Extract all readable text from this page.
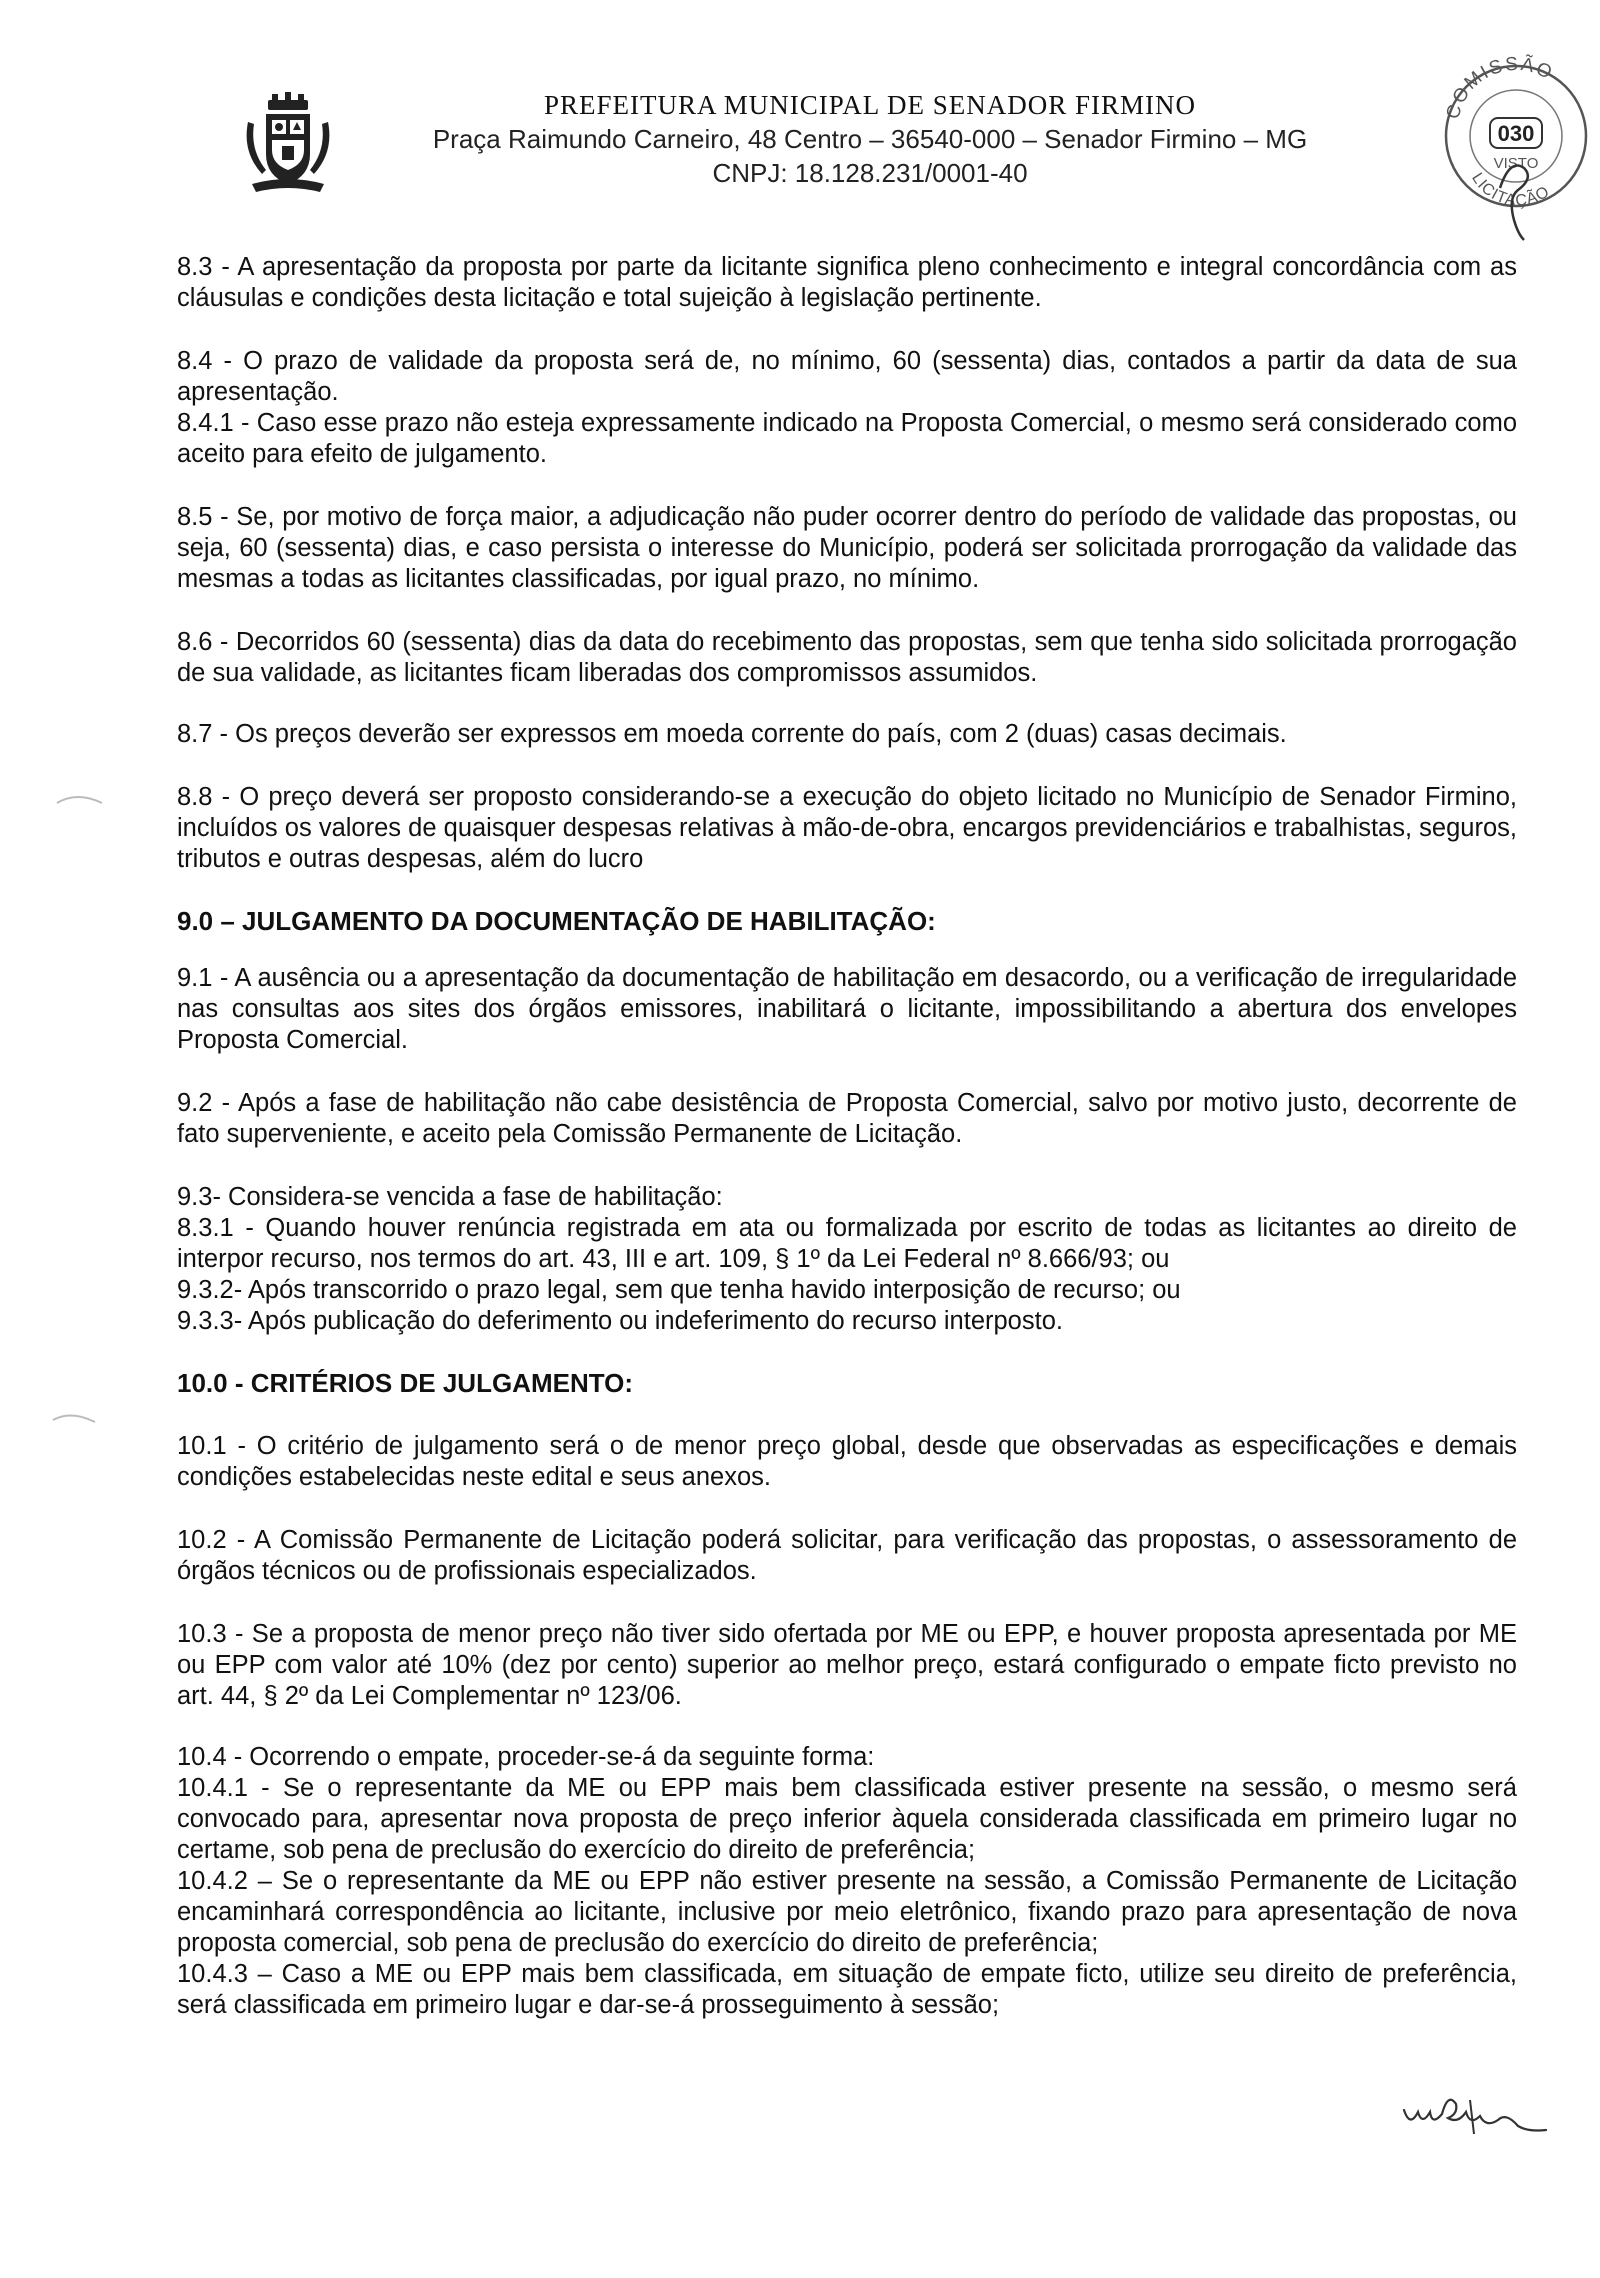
PREFEITURA MUNICIPAL DE SENADOR FIRMINO
Praça Raimundo Carneiro, 48 Centro – 36540-000 – Senador Firmino – MG
CNPJ: 18.128.231/0001-40
COMISSÃO
LICITAÇÃO
030
VISTO

8.3 - A apresentação da proposta por parte da licitante significa pleno conhecimento e integral concordância com as cláusulas e condições desta licitação e total sujeição à legislação pertinente.

8.4 - O prazo de validade da proposta será de, no mínimo, 60 (sessenta) dias, contados a partir da data de sua apresentação.

8.4.1 - Caso esse prazo não esteja expressamente indicado na Proposta Comercial, o mesmo será considerado como aceito para efeito de julgamento.

8.5 - Se, por motivo de força maior, a adjudicação não puder ocorrer dentro do período de validade das propostas, ou seja, 60 (sessenta) dias, e caso persista o interesse do Município, poderá ser solicitada prorrogação da validade das mesmas a todas as licitantes classificadas, por igual prazo, no mínimo.

8.6 - Decorridos 60 (sessenta) dias da data do recebimento das propostas, sem que tenha sido solicitada prorrogação de sua validade, as licitantes ficam liberadas dos compromissos assumidos.

8.7 - Os preços deverão ser expressos em moeda corrente do país, com 2 (duas) casas decimais.

8.8 - O preço deverá ser proposto considerando-se a execução do objeto licitado no Município de Senador Firmino, incluídos os valores de quaisquer despesas relativas à mão-de-obra, encargos previdenciários e trabalhistas, seguros, tributos e outras despesas, além do lucro

9.0 – JULGAMENTO DA DOCUMENTAÇÃO DE HABILITAÇÃO:

9.1 - A ausência ou a apresentação da documentação de habilitação em desacordo, ou a verificação de irregularidade nas consultas aos sites dos órgãos emissores, inabilitará o licitante, impossibilitando a abertura dos envelopes Proposta Comercial.

9.2 - Após a fase de habilitação não cabe desistência de Proposta Comercial, salvo por motivo justo, decorrente de fato superveniente, e aceito pela Comissão Permanente de Licitação.

9.3- Considera-se vencida a fase de habilitação:

8.3.1 - Quando houver renúncia registrada em ata ou formalizada por escrito de todas as licitantes ao direito de interpor recurso, nos termos do art. 43, III e art. 109, § 1º da Lei Federal nº 8.666/93; ou

9.3.2- Após transcorrido o prazo legal, sem que tenha havido interposição de recurso; ou

9.3.3- Após publicação do deferimento ou indeferimento do recurso interposto.

10.0 - CRITÉRIOS DE JULGAMENTO:

10.1 - O critério de julgamento será o de menor preço global, desde que observadas as especificações e demais condições estabelecidas neste edital e seus anexos.

10.2 - A Comissão Permanente de Licitação poderá solicitar, para verificação das propostas, o assessoramento de órgãos técnicos ou de profissionais especializados.

10.3 - Se a proposta de menor preço não tiver sido ofertada por ME ou EPP, e houver proposta apresentada por ME ou EPP com valor até 10% (dez por cento) superior ao melhor preço, estará configurado o empate ficto previsto no art. 44, § 2º da Lei Complementar nº 123/06.

10.4 - Ocorrendo o empate, proceder-se-á da seguinte forma:

10.4.1 - Se o representante da ME ou EPP mais bem classificada estiver presente na sessão, o mesmo será convocado para, apresentar nova proposta de preço inferior àquela considerada classificada em primeiro lugar no certame, sob pena de preclusão do exercício do direito de preferência;

10.4.2 – Se o representante da ME ou EPP não estiver presente na sessão, a Comissão Permanente de Licitação encaminhará correspondência ao licitante, inclusive por meio eletrônico, fixando prazo para apresentação de nova proposta comercial, sob pena de preclusão do exercício do direito de preferência;

10.4.3 – Caso a ME ou EPP mais bem classificada, em situação de empate ficto, utilize seu direito de preferência, será classificada em primeiro lugar e dar-se-á prosseguimento à sessão;
